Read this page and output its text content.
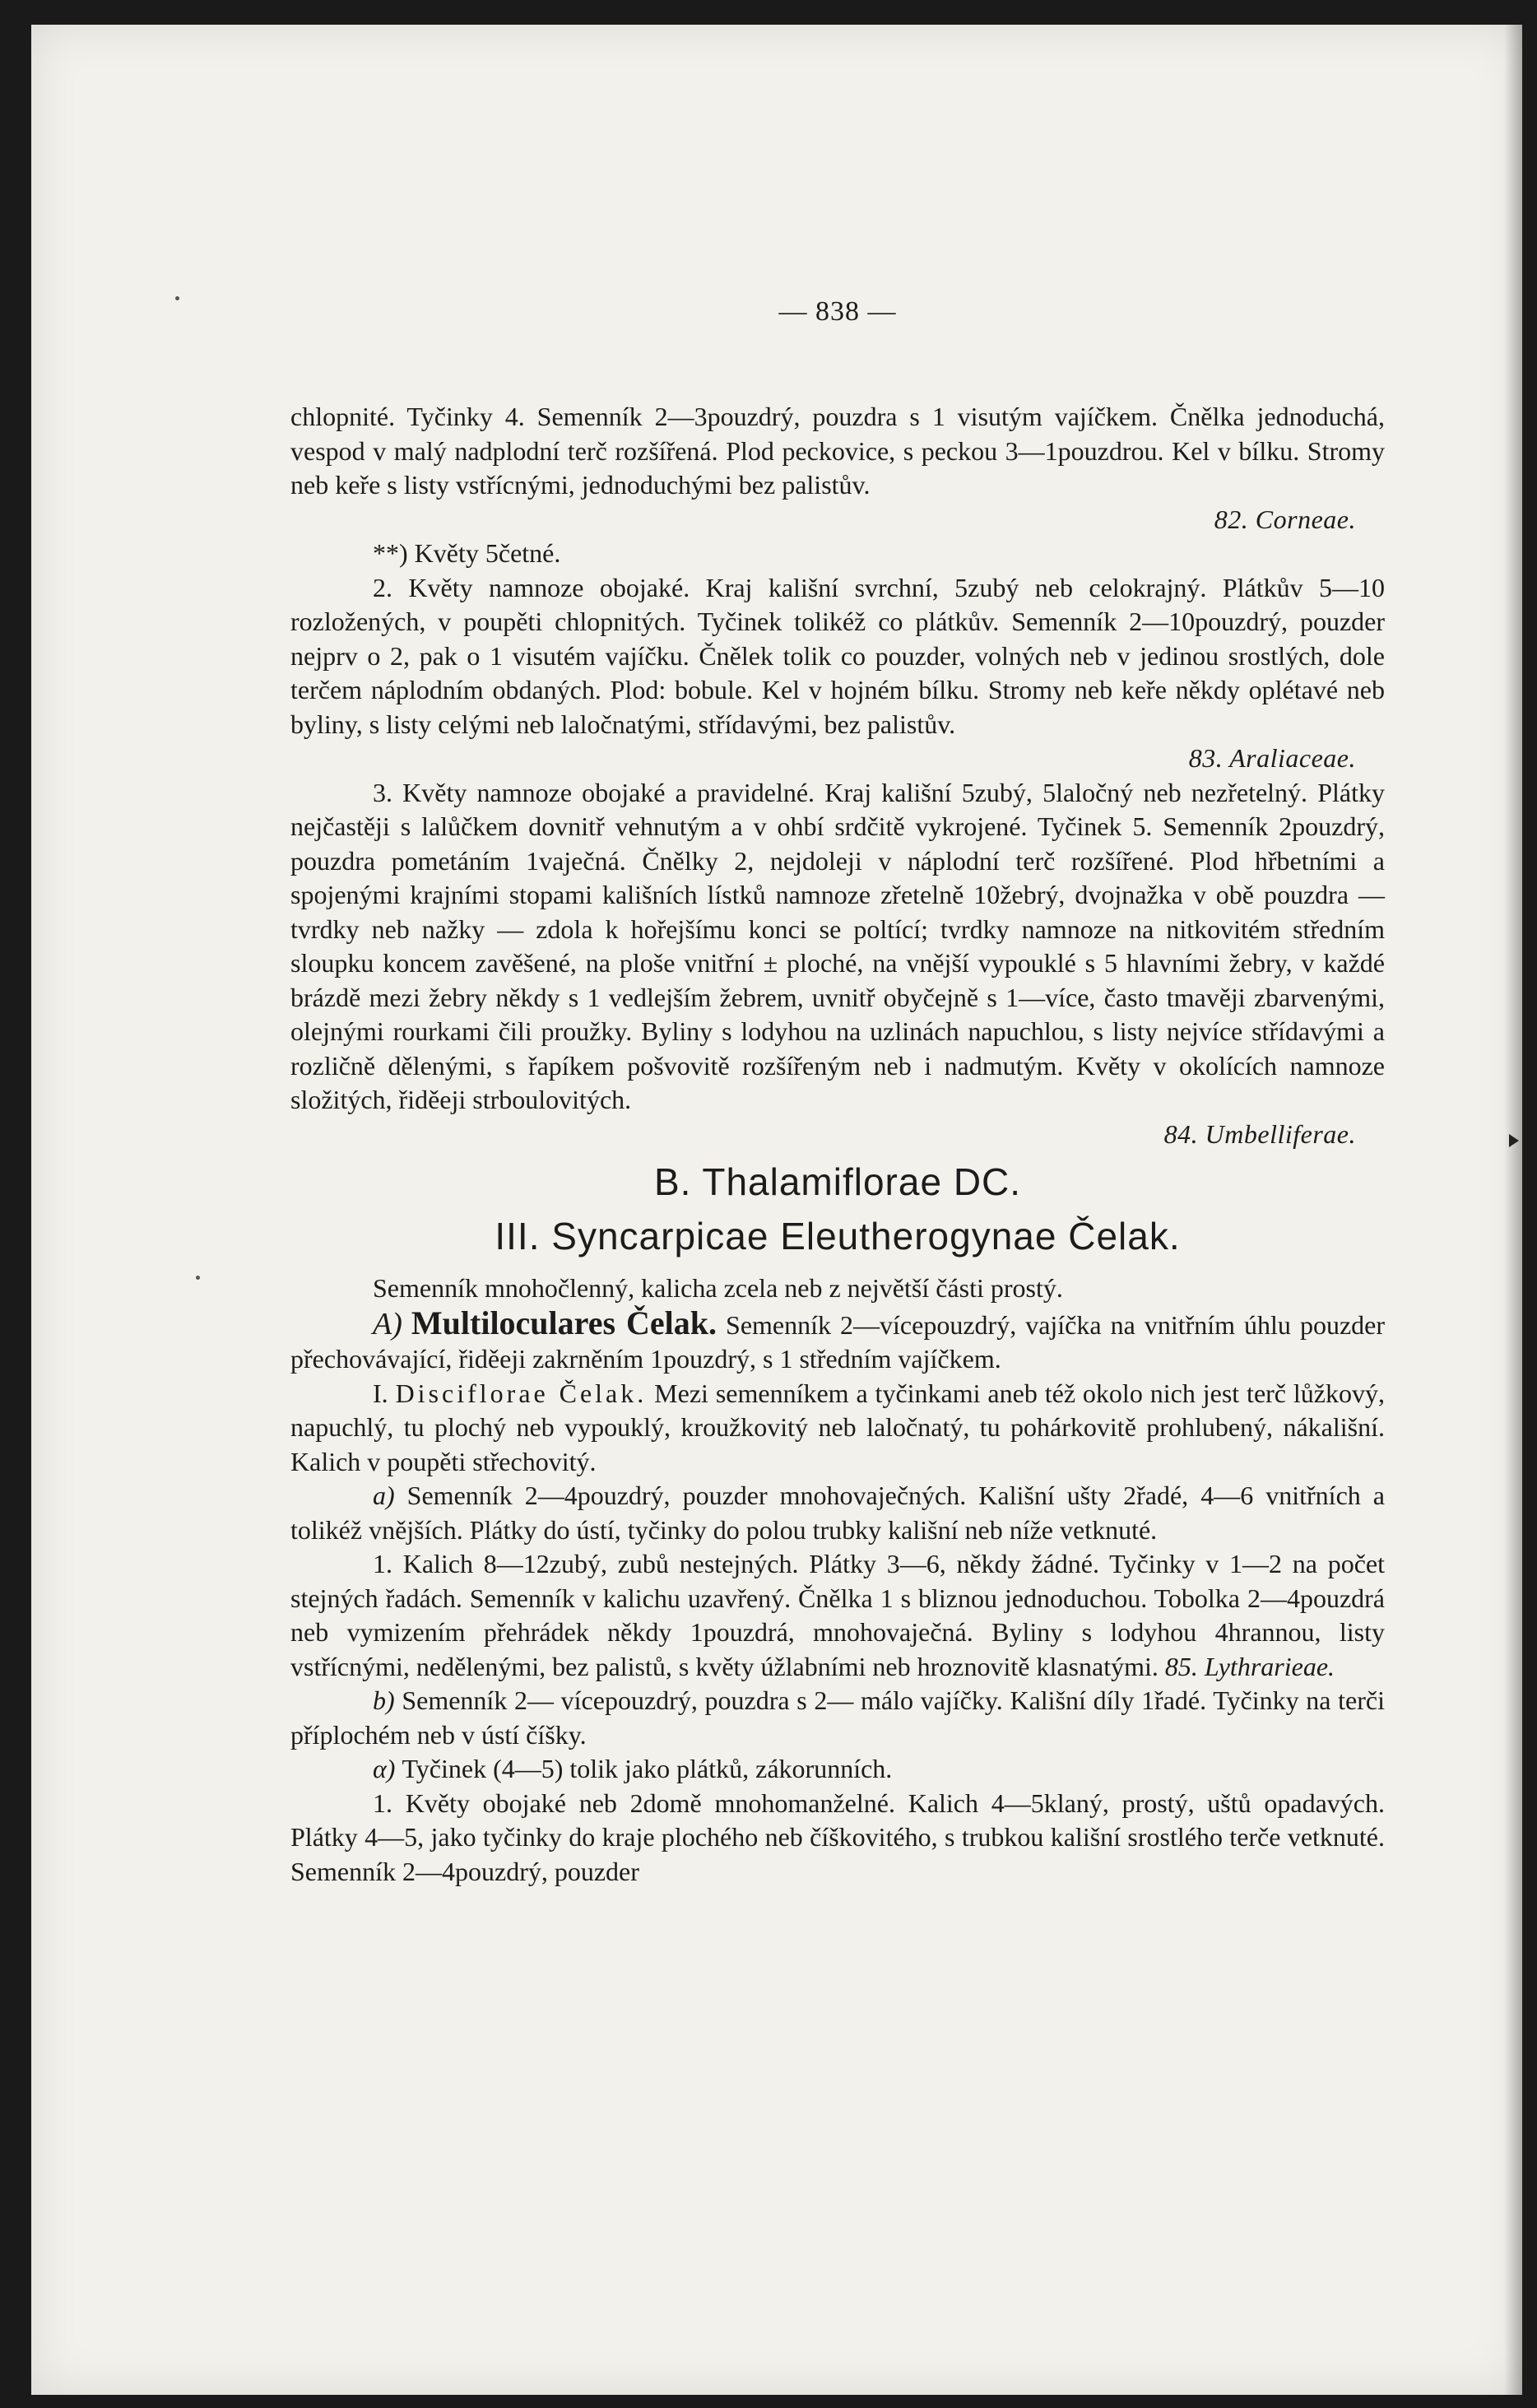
— 838 —

chlopnité. Tyčinky 4. Semenník 2—3pouzdrý, pouzdra s 1 visutým vajíčkem. Čnělka jednoduchá, vespod v malý nadplodní terč rozšířená. Plod peckovice, s peckou 3—1pouzdrou. Kel v bílku. Stromy neb keře s listy vstřícnými, jednoduchými bez palistův.

82. Corneae.

**) Květy 5četné.

2. Květy namnoze obojaké. Kraj kališní svrchní, 5zubý neb celokrajný. Plátkův 5—10 rozložených, v poupěti chlopnitých. Tyčinek tolikéž co plátkův. Semenník 2—10pouzdrý, pouzder nejprv o 2, pak o 1 visutém vajíčku. Čnělek tolik co pouzder, volných neb v jedinou srostlých, dole terčem náplodním obdaných. Plod: bobule. Kel v hojném bílku. Stromy neb keře někdy oplétavé neb byliny, s listy celými neb laločnatými, střídavými, bez palistův.

83. Araliaceae.

3. Květy namnoze obojaké a pravidelné. Kraj kališní 5zubý, 5laločný neb nezřetelný. Plátky nejčastěji s lalůčkem dovnitř vehnutým a v ohbí srdčitě vykrojené. Tyčinek 5. Semenník 2pouzdrý, pouzdra pometáním 1vaječná. Čnělky 2, nejdoleji v náplodní terč rozšířené. Plod hřbetními a spojenými krajními stopami kališních lístků namnoze zřetelně 10žebrý, dvojnažka v obě pouzdra — tvrdky neb nažky — zdola k hořejšímu konci se poltící; tvrdky namnoze na nitkovitém středním sloupku koncem zavěšené, na ploše vnitřní ± ploché, na vnější vypouklé s 5 hlavními žebry, v každé brázdě mezi žebry někdy s 1 vedlejším žebrem, uvnitř obyčejně s 1—více, často tmavěji zbarvenými, olejnými rourkami čili proužky. Byliny s lodyhou na uzlinách napuchlou, s listy nejvíce střídavými a rozličně dělenými, s řapíkem pošvovitě rozšířeným neb i nadmutým. Květy v okolících namnoze složitých, řiděeji strboulovitých.

84. Umbelliferae.

B. Thalamiflorae DC.
III. Syncarpicae Eleutherogynae Čelak.

Semenník mnohočlenný, kalicha zcela neb z největší části prostý.

A) Multiloculares Čelak. Semenník 2—vícepouzdrý, vajíčka na vnitřním úhlu pouzder přechovávající, řiděeji zakrněním 1pouzdrý, s 1 středním vajíčkem.

I. Disciflorae Čelak. Mezi semenníkem a tyčinkami aneb též okolo nich jest terč lůžkový, napuchlý, tu plochý neb vypouklý, kroužkovitý neb laločnatý, tu pohárkovitě prohlubený, nákališní. Kalich v poupěti střechovitý.

a) Semenník 2—4pouzdrý, pouzder mnohovaječných. Kališní ušty 2řadé, 4—6 vnitřních a tolikéž vnějších. Plátky do ústí, tyčinky do polou trubky kališní neb níže vetknuté.

1. Kalich 8—12zubý, zubů nestejných. Plátky 3—6, někdy žádné. Tyčinky v 1—2 na počet stejných řadách. Semenník v kalichu uzavřený. Čnělka 1 s bliznou jednoduchou. Tobolka 2—4pouzdrá neb vymizením přehrádek někdy 1pouzdrá, mnohovaječná. Byliny s lodyhou 4hrannou, listy vstřícnými, nedělenými, bez palistů, s květy úžlabními neb hroznovitě klasnatými. 85. Lythrarieae.

b) Semenník 2— vícepouzdrý, pouzdra s 2— málo vajíčky. Kališní díly 1řadé. Tyčinky na terči příplochém neb v ústí číšky.

α) Tyčinek (4—5) tolik jako plátků, zákorunních.

1. Květy obojaké neb 2domě mnohomanželné. Kalich 4—5klaný, prostý, uštů opadavých. Plátky 4—5, jako tyčinky do kraje plochého neb číškovitého, s trubkou kališní srostlého terče vetknuté. Semenník 2—4pouzdrý, pouzder
